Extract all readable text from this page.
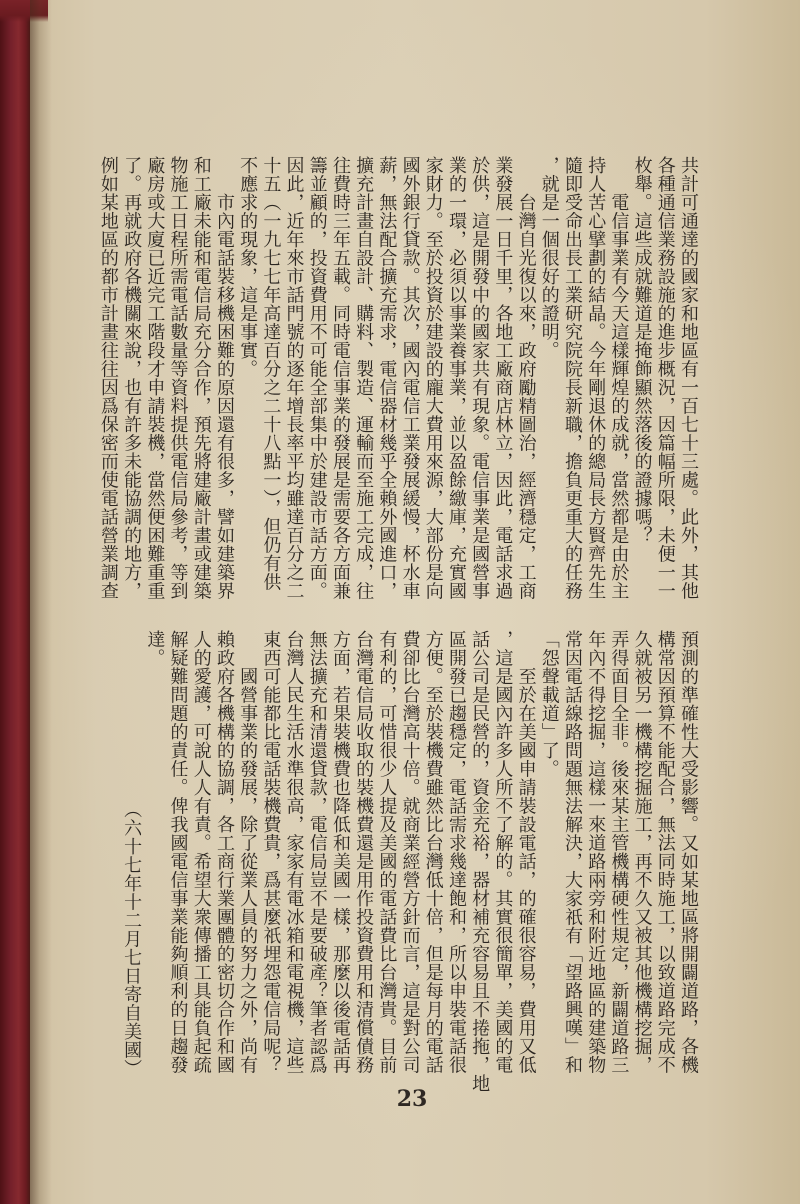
共計可通達的國家和地區有一百七十三處。此外，其他
各種通信業務設施的進步概況，因篇幅所限，未便一一
枚舉。這些成就難道是掩飾顯然落後的證據嗎？
　　電信事業有今天這樣輝煌的成就，當然都是由於主
持人苦心擘劃的結晶。今年剛退休的總局長方賢齊先生
隨即受命出長工業研究院院長新職，擔負更重大的任務
，就是一個很好的證明。
　　台灣自光復以來，政府勵精圖治，經濟穩定，工商
業發展一日千里，各地工廠商店林立，因此，電話求過
於供，這是開發中的國家共有現象。電信事業是國營事
業的一環，必須以事業養事業，並以盈餘繳庫，充實國
家財力。至於投資於建設的龐大費用來源，大部份是向
國外銀行貸款。其次，國內電信工業發展緩慢，杯水車
薪，無法配合擴充需求，電信器材幾乎全賴外國進口，
擴充計畫自設計、購料、製造、運輸而至施工完成，往
往費時三年五載。同時電信事業的發展是需要各方面兼
籌並顧的，投資費用不可能全部集中於建設市話方面。
因此，近年來市話門號的逐年增長率平均雖達百分之二
十五（一九七七年高達百分之二十八點一），但仍有供
不應求的現象，這是事實。
　　市內電話裝移機困難的原因還有很多，譬如建築界
和工廠未能和電信局充分合作，預先將建廠計畫或建築
物施工日程所需電話數量等資料提供電信局參考，等到
廠房或大廈已近完工階段才申請裝機，當然便困難重重
了。再就政府各機關來說，也有許多未能協調的地方，
例如某地區的都市計畫往往因爲保密而使電話營業調查
預測的準確性大受影響。又如某地區將開闢道路，各機
構常因預算不能配合，無法同時施工，以致道路完成不
久就被另一機構挖掘施工，再不久又被其他機構挖掘，
弄得面目全非。後來某主管機構硬性規定，新闢道路三
年內不得挖掘，這樣一來道路兩旁和附近地區的建築物
常因電話線路問題無法解決，大家祇有「望路興嘆」和
「怨聲載道」了。
　　至於在美國申請裝設電話，的確很容易，費用又低
，這是國內許多人所不了解的。其實很簡單，美國的電
話公司是民營的，資金充裕，器材補充容易且不捲拖，地
區開發已趨穩定，電話需求幾達飽和，所以申裝電話很
方便。至於裝機費雖然比台灣低十倍，但是每月的電話
費卻比台灣高十倍。就商業經營方針而言，這是對公司
有利的，可惜很少人提及美國的電話費比台灣貴。目前
台灣電信局收取的裝機費還是用作投資費用和清償債務
方面，若果裝機費也降低和美國一樣，那麼以後電話再
無法擴充和清還貸款，電信局豈不是要破產？筆者認爲
台灣人民生活水準很高，家家有電冰箱和電視機，這些
東西可能都比電話裝機費貴，爲甚麼祇埋怨電信局呢？
　　國營事業的發展，除了從業人員的努力之外，尚有
賴政府各機構的協調，各工商行業團體的密切合作和國
人的愛護，可說人人有責。希望大衆傳播工具能負起疏
解疑難問題的責任。俾我國電信事業能夠順利的日趨發
達。
（六十七年十二月七日寄自美國）
23
